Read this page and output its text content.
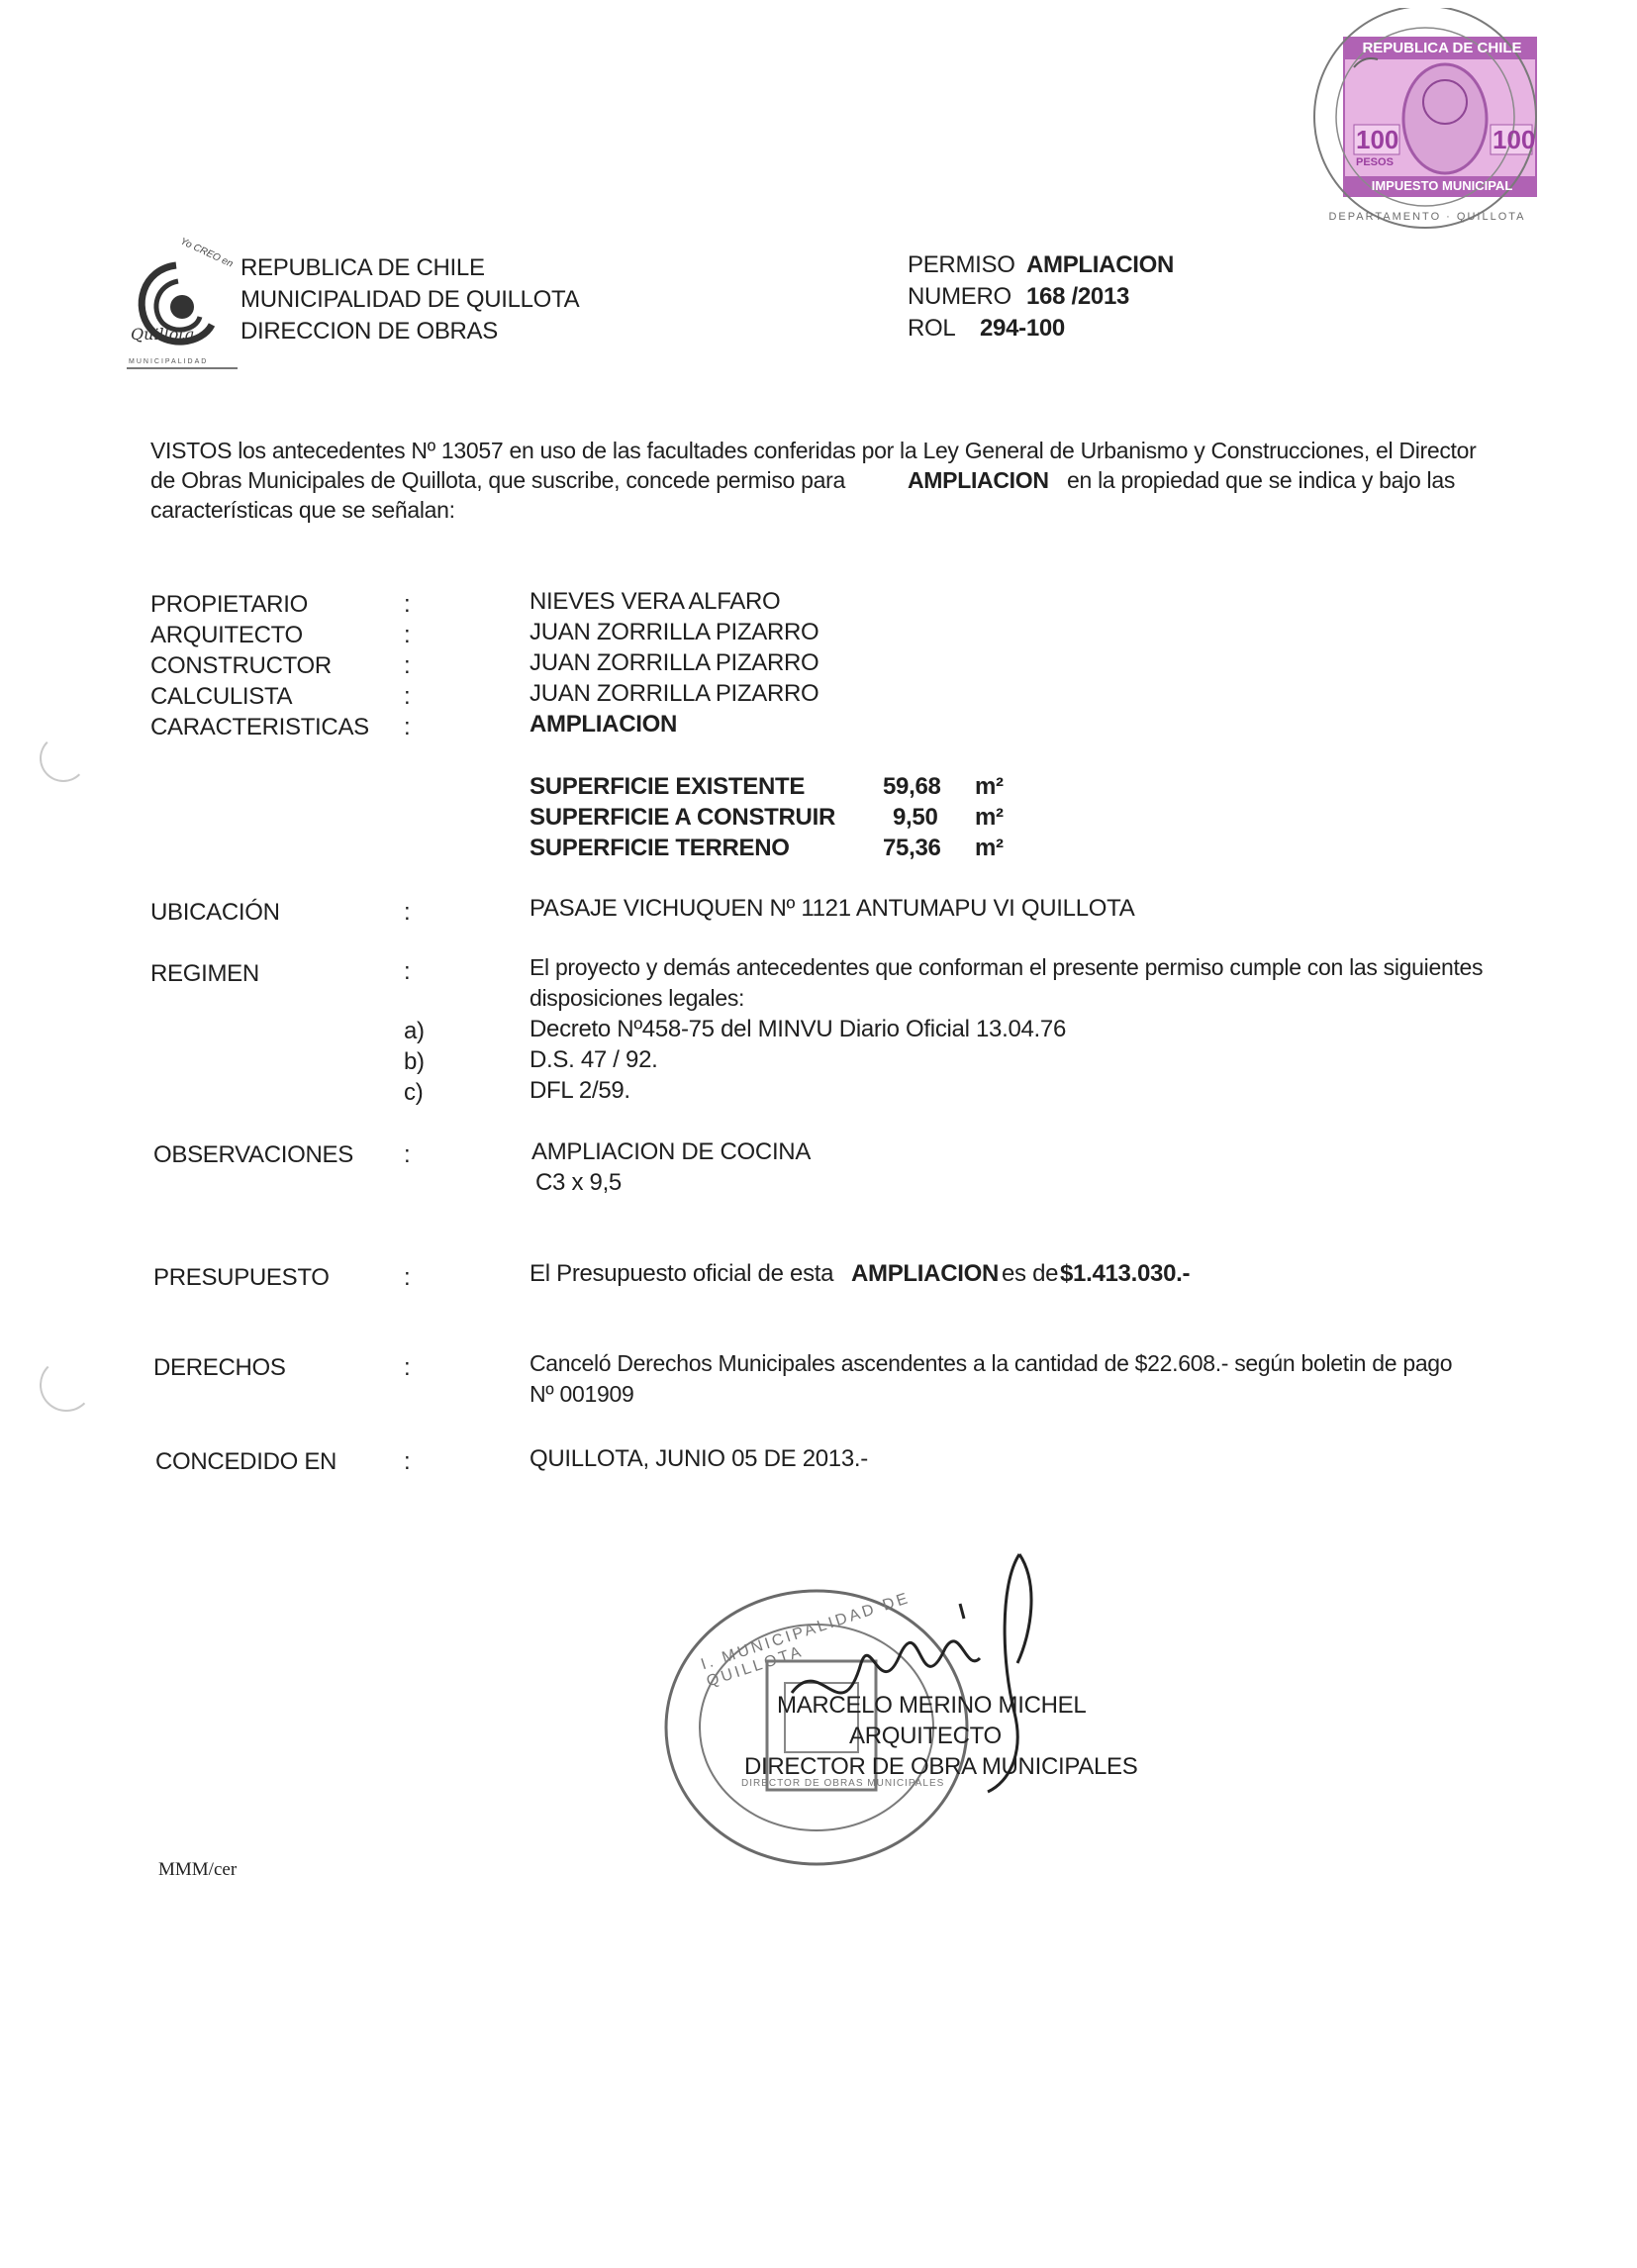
REPUBLICA DE CHILE
100	100
PESOS
IMPUESTO MUNICIPAL
DEPARTAMENTO · QUILLOTA
Yo CREO en
Quillota
MUNICIPALIDAD
REPUBLICA DE CHILE
MUNICIPALIDAD DE QUILLOTA
DIRECCION DE OBRAS
PERMISO AMPLIACION
NUMERO 168 /2013
ROL 294-100
VISTOS los antecedentes Nº 13057 en uso de las facultades conferidas por la Ley General de Urbanismo y Construcciones, el Director
de Obras Municipales de Quillota, que suscribe, concede permiso para	AMPLIACION en la propiedad que se indica y bajo las
características que se señalan:
PROPIETARIO	:	NIEVES VERA ALFARO
ARQUITECTO	:	JUAN ZORRILLA PIZARRO
CONSTRUCTOR	:	JUAN ZORRILLA PIZARRO
CALCULISTA	:	JUAN ZORRILLA PIZARRO
CARACTERISTICAS :	AMPLIACION
SUPERFICIE EXISTENTE	59,68 m²
SUPERFICIE A CONSTRUIR 9,50 m²
SUPERFICIE TERRENO	75,36 m²
UBICACIÓN	:	PASAJE VICHUQUEN Nº 1121 ANTUMAPU VI QUILLOTA
REGIMEN	:	El proyecto y demás antecedentes que conforman el presente permiso cumple con las siguientes
disposiciones legales:
a)	Decreto Nº458-75 del MINVU Diario Oficial 13.04.76
b)	D.S. 47 / 92.
c)	DFL 2/59.
OBSERVACIONES :	AMPLIACION DE COCINA
C3 x 9,5
PRESUPUESTO	:	El Presupuesto oficial de esta AMPLIACION es de $1.413.030.-
DERECHOS	:	Canceló Derechos Municipales ascendentes a la cantidad de $22.608.- según boletin de pago
Nº 001909
CONCEDIDO EN	:	QUILLOTA, JUNIO 05 DE 2013.-
I. MUNICIPALIDAD DE QUILLOTA
DIRECTOR DE OBRAS MUNICIPALES
MARCELO MERINO MICHEL
ARQUITECTO
DIRECTOR DE OBRA MUNICIPALES
MMM/cer
